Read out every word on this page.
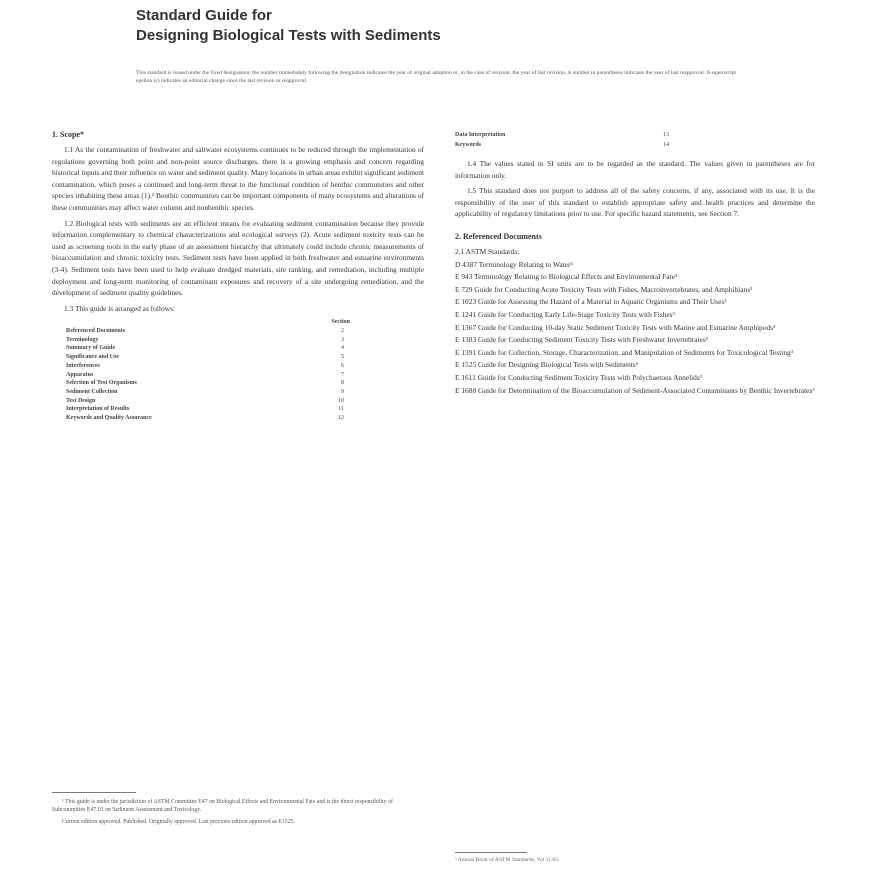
Standard Guide for
Designing Biological Tests with Sediments
This standard is issued under the fixed designation; the number immediately following the designation indicates the year of original adoption or, in the case of revision, the year of last revision. A number in parentheses indicates the year of last reapproval. A superscript epsilon (ε) indicates an editorial change since the last revision or reapproval.
1. Scope*

1.1 As the contamination of freshwater and saltwater ecosystems continues to be reduced through the implementation of regulations governing both point and non-point source discharges, there is a growing emphasis and concern regarding historical inputs and their influence on water and sediment quality. Many locations in urban areas exhibit significant sediment contamination, which poses a continued and long-term threat to the functional condition of benthic communities and other species inhabiting these areas (1).² Benthic communities can be important components of many ecosystems and alterations of these communities may affect water column and nonbenthic species.

1.2 Biological tests with sediments are an efficient means for evaluating sediment contamination because they provide information complementary to chemical characterizations and ecological surveys (2). Acute sediment toxicity tests can be used as screening tools in the early phase of an assessment hierarchy that ultimately could include chronic measurements of bioaccumulation and chronic toxicity tests. Sediment tests have been applied in both freshwater and estuarine environments (3-4). Sediment tests have been used to help evaluate dredged materials, site ranking, and remediation, including multiple deployment and long-term monitoring of contaminant exposures and recovery of a site undergoing remediation, and the development of sediment quality guidelines.

1.3 This guide is arranged as follows:

Section
Referenced Documents	2
Terminology	3
Summary of Guide	4
Significance and Use	5
Interferences	6
Apparatus	7
Selection of Test Organisms	8
Sediment Collection	9
Test Design	10
Interpretation of Results	11
Keywords and Quality Assurance	12
Data Interpretation	13
Keywords	14

1.4 The values stated in SI units are to be regarded as the standard. The values given in parentheses are for information only.

1.5 This standard does not purport to address all of the safety concerns, if any, associated with its use. It is the responsibility of the user of this standard to establish appropriate safety and health practices and determine the applicability of regulatory limitations prior to use. For specific hazard statements, see Section 7.

2. Referenced Documents
2.1 ASTM Standards:
D 4387 Terminology Relating to Water³
E 943 Terminology Relating to Biological Effects and Environmental Fate³
E 729 Guide for Conducting Acute Toxicity Tests with Fishes, Macroinvertebrates, and Amphibians³
E 1023 Guide for Assessing the Hazard of a Material to Aquatic Organisms and Their Uses³
E 1241 Guide for Conducting Early Life-Stage Toxicity Tests with Fishes³
E 1367 Guide for Conducting 10-day Static Sediment Toxicity Tests with Marine and Estuarine Amphipods³
E 1383 Guide for Conducting Sediment Toxicity Tests with Freshwater Invertebrates³
E 1391 Guide for Collection, Storage, Characterization, and Manipulation of Sediments for Toxicological Testing³
E 1525 Guide for Designing Biological Tests with Sediments³
E 1611 Guide for Conducting Sediment Toxicity Tests with Polychaetous Annelids³
E 1688 Guide for Determination of the Bioaccumulation of Sediment-Associated Contaminants by Benthic Invertebrates³
¹ This guide is under the jurisdiction of ASTM Committee E47 on Biological Effects and Environmental Fate and is the direct responsibility of Subcommittee E47.03 on Sediment Assessment and Toxicology.
Current edition approved. Published. Originally approved. Last previous edition approved as E1525.
³ Annual Book of ASTM Standards, Vol 11.05.
